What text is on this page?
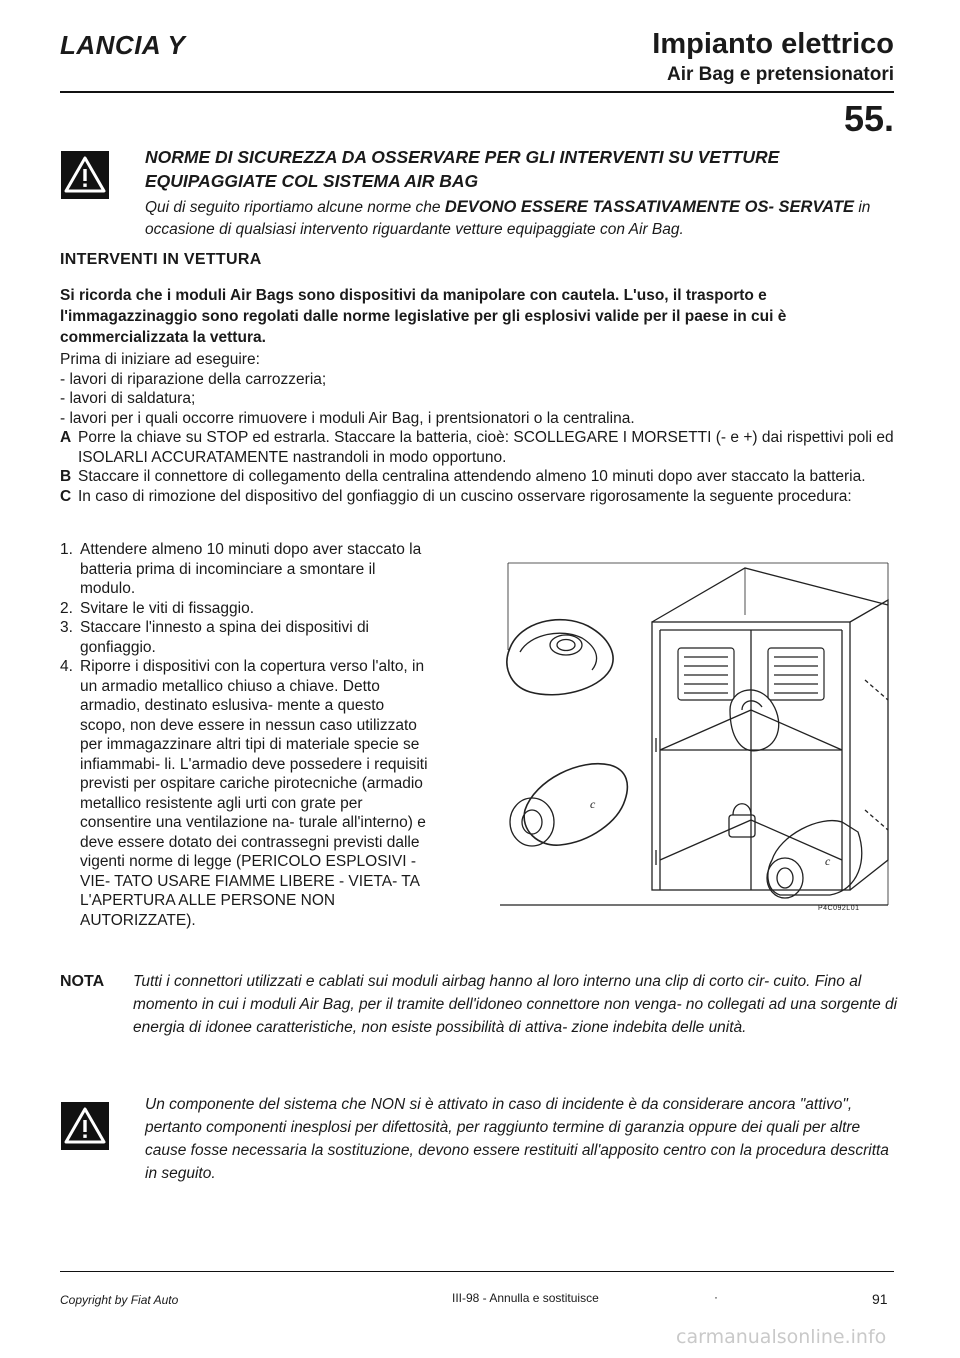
LANCIA Y	Impianto elettrico
Air Bag e pretensionatori
55.
NORME DI SICUREZZA DA OSSERVARE PER GLI INTERVENTI SU VETTURE
EQUIPAGGIATE COL SISTEMA AIR BAG
Qui di seguito riportiamo alcune norme che DEVONO ESSERE TASSATIVAMENTE OS- SERVATE in occasione di qualsiasi intervento riguardante vetture equipaggiate con Air Bag.
INTERVENTI IN VETTURA
Si ricorda che i moduli Air Bags sono dispositivi da manipolare con cautela. L'uso, il trasporto e l'immagazzinaggio sono regolati dalle norme legislative per gli esplosivi valide per il paese in cui è commercializzata la vettura.
Prima di iniziare ad eseguire:
- lavori di riparazione della carrozzeria;
- lavori di saldatura;
- lavori per i quali occorre rimuovere i moduli Air Bag, i prentsionatori o la centralina.
A Porre la chiave su STOP ed estrarla. Staccare la batteria, cioè: SCOLLEGARE I MORSETTI (- e +) dai rispettivi poli ed ISOLARLI ACCURATAMENTE nastrandoli in modo opportuno.
B Staccare il connettore di collegamento della centralina attendendo almeno 10 minuti dopo aver staccato la batteria.
C In caso di rimozione del dispositivo del gonfiaggio di un cuscino osservare rigorosamente la seguente procedura:
1. Attendere almeno 10 minuti dopo aver staccato la batteria prima di incominciare a smontare il modulo.
2. Svitare le viti di fissaggio.
3. Staccare l'innesto a spina dei dispositivi di gonfiaggio.
4. Riporre i dispositivi con la copertura verso l'alto, in un armadio metallico chiuso a chiave. Detto armadio, destinato eslusiva- mente a questo scopo, non deve essere in nessun caso utilizzato per immagazzinare altri tipi di materiale specie se infiammabi- li. L'armadio deve possedere i requisiti previsti per ospitare cariche pirotecniche (armadio metallico resistente agli urti con grate per consentire una ventilazione na- turale all'interno) e deve essere dotato dei contrassegni previsti dalle vigenti norme di legge (PERICOLO ESPLOSIVI - VIE- TATO USARE FIAMME LIBERE - VIETA- TA L'APERTURA ALLE PERSONE NON AUTORIZZATE).
c
c
P4C092L01
NOTA Tutti i connettori utilizzati e cablati sui moduli airbag hanno al loro interno una clip di corto cir- cuito. Fino al momento in cui i moduli Air Bag, per il tramite dell'idoneo connettore non venga- no collegati ad una sorgente di energia di idonee caratteristiche, non esiste possibilità di attiva- zione indebita delle unità.
Un componente del sistema che NON si è attivato in caso di incidente è da considerare ancora "attivo", pertanto componenti inesplosi per difettosità, per raggiunto termine di garanzia oppure dei quali per altre cause fosse necessaria la sostituzione, devono essere restituiti all'apposito centro con la procedura descritta in seguito.
Copyright by Fiat Auto	III-98 - Annulla e sostituisce	·	91
carmanualsonline.info
